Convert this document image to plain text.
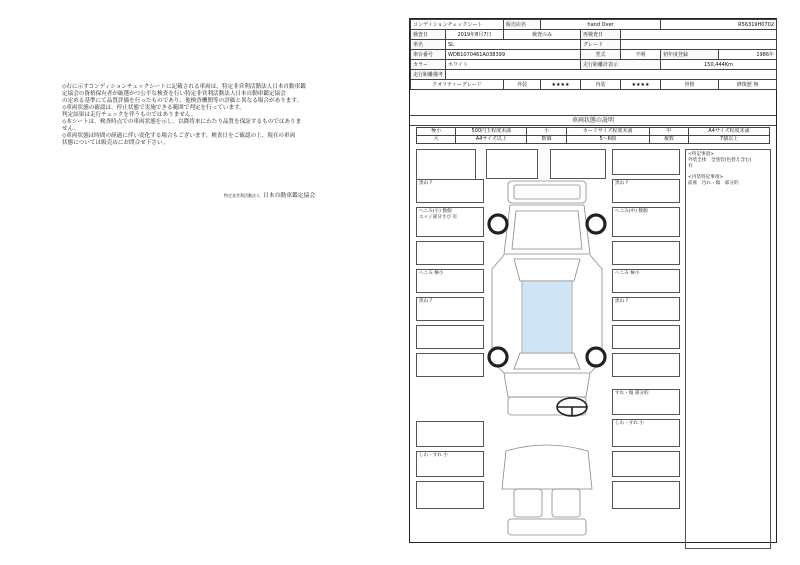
◇右に示すコンディションチェックシートに記載される車両は、特定非営利活動法人日本自動車鑑

定協会の資格保有者が厳選かつ公平な検査を行い特定非営利活動法人日本自動車鑑定協会

の定める基準にて品質評価を行ったものであり、他検査機関等の評価と異なる場合があります。

◇車両状態の確認は、停止状態で実施できる範囲で判定を行っています。

判定結果は走行チェックを伴うものではありません。

◇本シートは、検査時点での車両状態を示し、以降将来にわたり品質を保証するものではありま

せん。

◇車両状態は時間の経過に伴い変化する場合もございます。検査日をご確認の上、現在の車両

状態については販売店にお問合せ下さい。

特定非営利活動法人 日本自動車鑑定協会
コンディションチェックシート		販売店名	hand Over			R56319H0702	
検査日	2019年8月7日	検査のみ		再検査日			
車名	SL			グレード			
車台番号	WDB1070461A038399			型式	不明	初年度登録	1986年
カラー	ホワイト			走行距離計表示		150,444Km	
走行距離備考							
クオリティーグレード		外装	★★★★	内装	★★★★	骨格	修復歴 無
車両状態の説明
極小	500円玉程度未満	小	カードサイズ程度未満	中	A4サイズ程度未満
大	A4サイズ以上	数個	5〜6個	複数	7個以上
黒山 ?
へこみ(小) 数個
エッジ部分さび 有
へこみ 極小
黒山 ?
しわ・すれ 小
黒山 ?
へこみ(中) 数個
へこみ 極小
黒山 ?
すれ・傷 部分的
しわ・すれ 小
<特記事項>
外装全体　全塗装(色替え含む)
有
<内装特記事項>
前席　汚れ・傷　部分的
